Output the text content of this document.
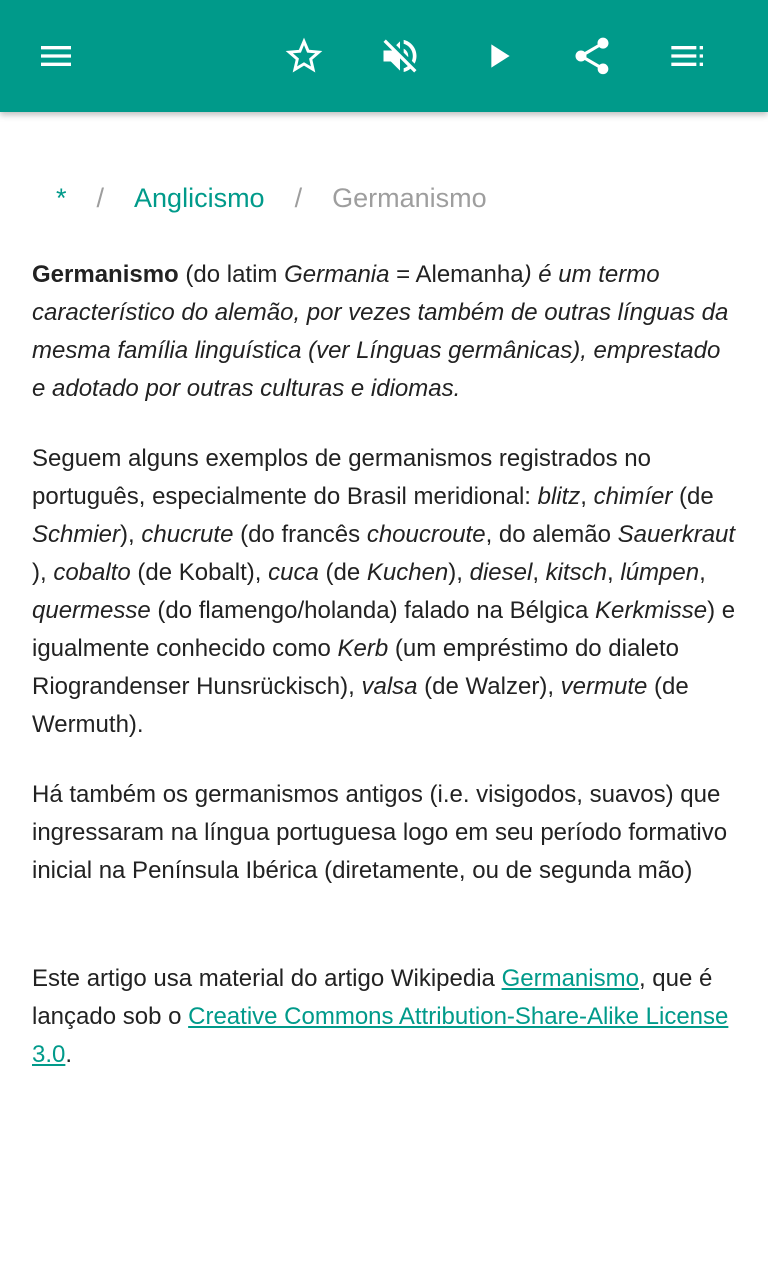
* / Anglicismo / Germanismo

Germanismo (do latim Germania = Alemanha) é um termo característico do alemão, por vezes também de outras línguas da mesma família linguística (ver Línguas germânicas), emprestado e adotado por outras culturas e idiomas.

Seguem alguns exemplos de germanismos registrados no português, especialmente do Brasil meridional: blitz, chimíer (de Schmier), chucrute (do francês choucroute, do alemão Sauerkraut ), cobalto (de Kobalt), cuca (de Kuchen), diesel, kitsch, lúmpen, quermesse (do flamengo/holanda) falado na Bélgica Kerkmisse) e igualmente conhecido como Kerb (um empréstimo do dialeto Riograndenser Hunsrückisch), valsa (de Walzer), vermute (de Wermuth).

Há também os germanismos antigos (i.e. visigodos, suavos) que ingressaram na língua portuguesa logo em seu período formativo inicial na Península Ibérica (diretamente, ou de segunda mão)

Este artigo usa material do artigo Wikipedia Germanismo, que é lançado sob o Creative Commons Attribution-Share-Alike License 3.0.
